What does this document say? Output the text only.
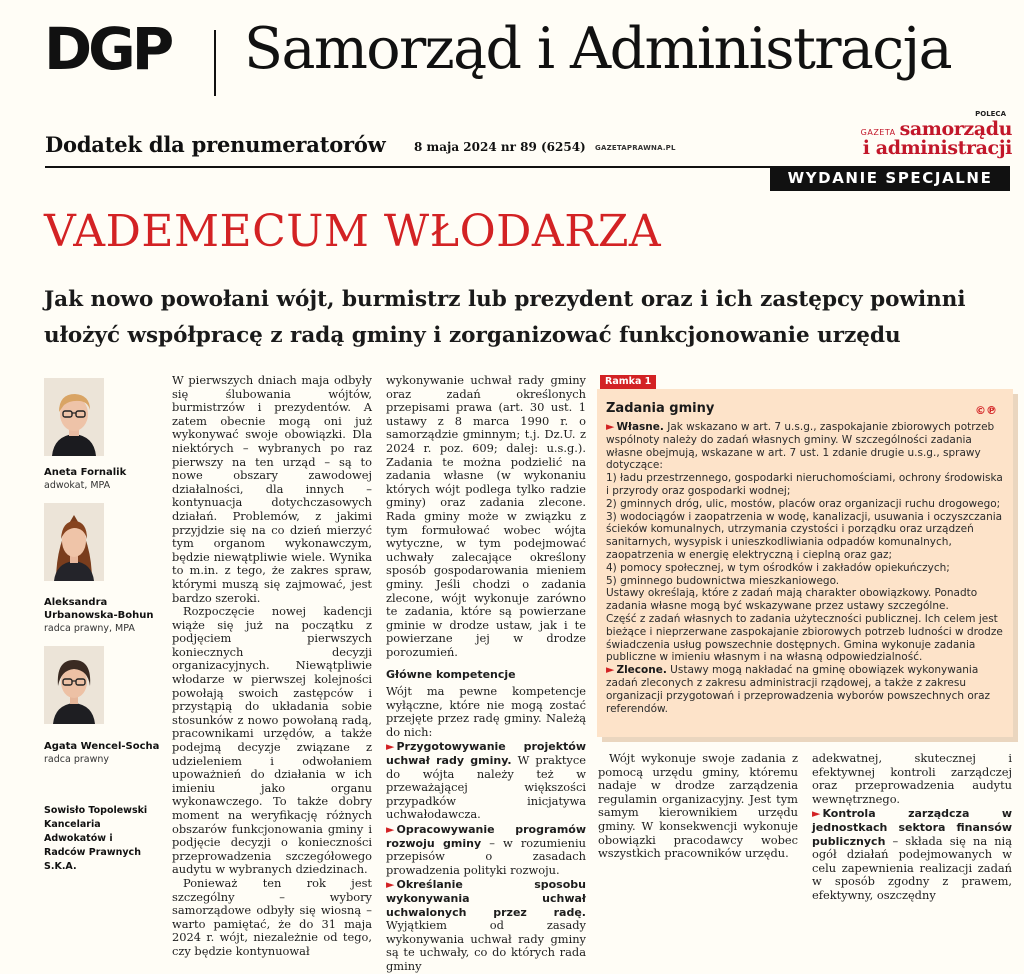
DGP Samorząd i Administracja
Dodatek dla prenumeratorów 8 maja 2024 nr 89 (6254) GAZETAPRAWNA.PL
POLECA
GAZETA samorządu
i administracji
WYDANIE SPECJALNE
VADEMECUM WŁODARZA
Jak nowo powołani wójt, burmistrz lub prezydent oraz i ich zastępcy powinni ułożyć współpracę z radą gminy i zorganizować funkcjonowanie urzędu
Aneta Fornalik
adwokat, MPA
Aleksandra Urbanowska-Bohun
radca prawny, MPA
Agata Wencel-Socha
radca prawny
Sowisło Topolewski Kancelaria Adwokatów i Radców Prawnych S.K.A.

W pierwszych dniach maja odbyły się ślubowania wójtów, burmistrzów i prezydentów. A zatem obecnie mogą oni już wykonywać swoje obowiązki. Dla niektórych – wybranych po raz pierwszy na ten urząd – są to nowe obszary zawodowej działalności, dla innych – kontynuacja dotychczasowych działań. Problemów, z jakimi przyjdzie się na co dzień mierzyć tym organom wykonawczym, będzie niewątpliwie wiele. Wynika to m.in. z tego, że zakres spraw, którymi muszą się zajmować, jest bardzo szeroki.

Rozpoczęcie nowej kadencji wiąże się już na początku z podjęciem pierwszych koniecznych decyzji organizacyjnych. Niewątpliwie włodarze w pierwszej kolejności powołają swoich zastępców i przystąpią do układania sobie stosunków z nowo powołaną radą, pracownikami urzędów, a także podejmą decyzje związane z udzieleniem i odwołaniem upoważnień do działania w ich imieniu jako organu wykonawczego. To także dobry moment na weryfikację różnych obszarów funkcjonowania gminy i podjęcie decyzji o konieczności przeprowadzenia szczegółowego audytu w wybranych dziedzinach.

Ponieważ ten rok jest szczególny – wybory samorządowe odbyły się wiosną – warto pamiętać, że do 31 maja 2024 r. wójt, niezależnie od tego, czy będzie kontynuował

wykonywanie uchwał rady gminy oraz zadań określonych przepisami prawa (art. 30 ust. 1 ustawy z 8 marca 1990 r. o samorządzie gminnym; t.j. Dz.U. z 2024 r. poz. 609; dalej: u.s.g.). Zadania te można podzielić na zadania własne (w wykonaniu których wójt podlega tylko radzie gminy) oraz zadania zlecone. Rada gminy może w związku z tym formułować wobec wójta wytyczne, w tym podejmować uchwały zalecające określony sposób gospodarowania mieniem gminy. Jeśli chodzi o zadania zlecone, wójt wykonuje zarówno te zadania, które są powierzane gminie w drodze ustaw, jak i te powierzane jej w drodze porozumień.

Główne kompetencje

Wójt ma pewne kompetencje wyłączne, które nie mogą zostać przejęte przez radę gminy. Należą do nich:

► Przygotowywanie projektów uchwał rady gminy. W praktyce do wójta należy też w przeważającej większości przypadków inicjatywa uchwałodawcza.
► Opracowywanie programów rozwoju gminy – w rozumieniu przepisów o zasadach prowadzenia polityki rozwoju.
► Określanie sposobu wykonywania uchwał uchwalonych przez radę. Wyjątkiem od zasady wykonywania uchwał rady gminy są te uchwały, co do których rada gminy
Ramka 1
Zadania gminy	©℗
► Własne. Jak wskazano w art. 7 u.s.g., zaspokajanie zbiorowych potrzeb wspólnoty należy do zadań własnych gminy. W szczególności zadania własne obejmują, wskazane w art. 7 ust. 1 zdanie drugie u.s.g., sprawy dotyczące:
1) ładu przestrzennego, gospodarki nieruchomościami, ochrony środowiska i przyrody oraz gospodarki wodnej;
2) gminnych dróg, ulic, mostów, placów oraz organizacji ruchu drogowego;
3) wodociągów i zaopatrzenia w wodę, kanalizacji, usuwania i oczyszczania ścieków komunalnych, utrzymania czystości i porządku oraz urządzeń sanitarnych, wysypisk i unieszkodliwiania odpadów komunalnych, zaopatrzenia w energię elektryczną i cieplną oraz gaz;
4) pomocy społecznej, w tym ośrodków i zakładów opiekuńczych;
5) gminnego budownictwa mieszkaniowego.
Ustawy określają, które z zadań mają charakter obowiązkowy. Ponadto zadania własne mogą być wskazywane przez ustawy szczególne.
Część z zadań własnych to zadania użyteczności publicznej. Ich celem jest bieżące i nieprzerwane zaspokajanie zbiorowych potrzeb ludności w drodze świadczenia usług powszechnie dostępnych. Gmina wykonuje zadania publiczne w imieniu własnym i na własną odpowiedzialność.
► Zlecone. Ustawy mogą nakładać na gminę obowiązek wykonywania zadań zleconych z zakresu administracji rządowej, a także z zakresu organizacji przygotowań i przeprowadzenia wyborów powszechnych oraz referendów.

Wójt wykonuje swoje zadania z pomocą urzędu gminy, któremu nadaje w drodze zarządzenia regulamin organizacyjny. Jest tym samym kierownikiem urzędu gminy. W konsekwencji wykonuje obowiązki pracodawcy wobec wszystkich pracowników urzędu.

adekwatnej, skutecznej i efektywnej kontroli zarządczej oraz przeprowadzenia audytu wewnętrznego.

► Kontrola zarządcza w jednostkach sektora finansów publicznych – składa się na nią ogół działań podejmowanych w celu zapewnienia realizacji zadań w sposób zgodny z prawem, efektywny, oszczędny
